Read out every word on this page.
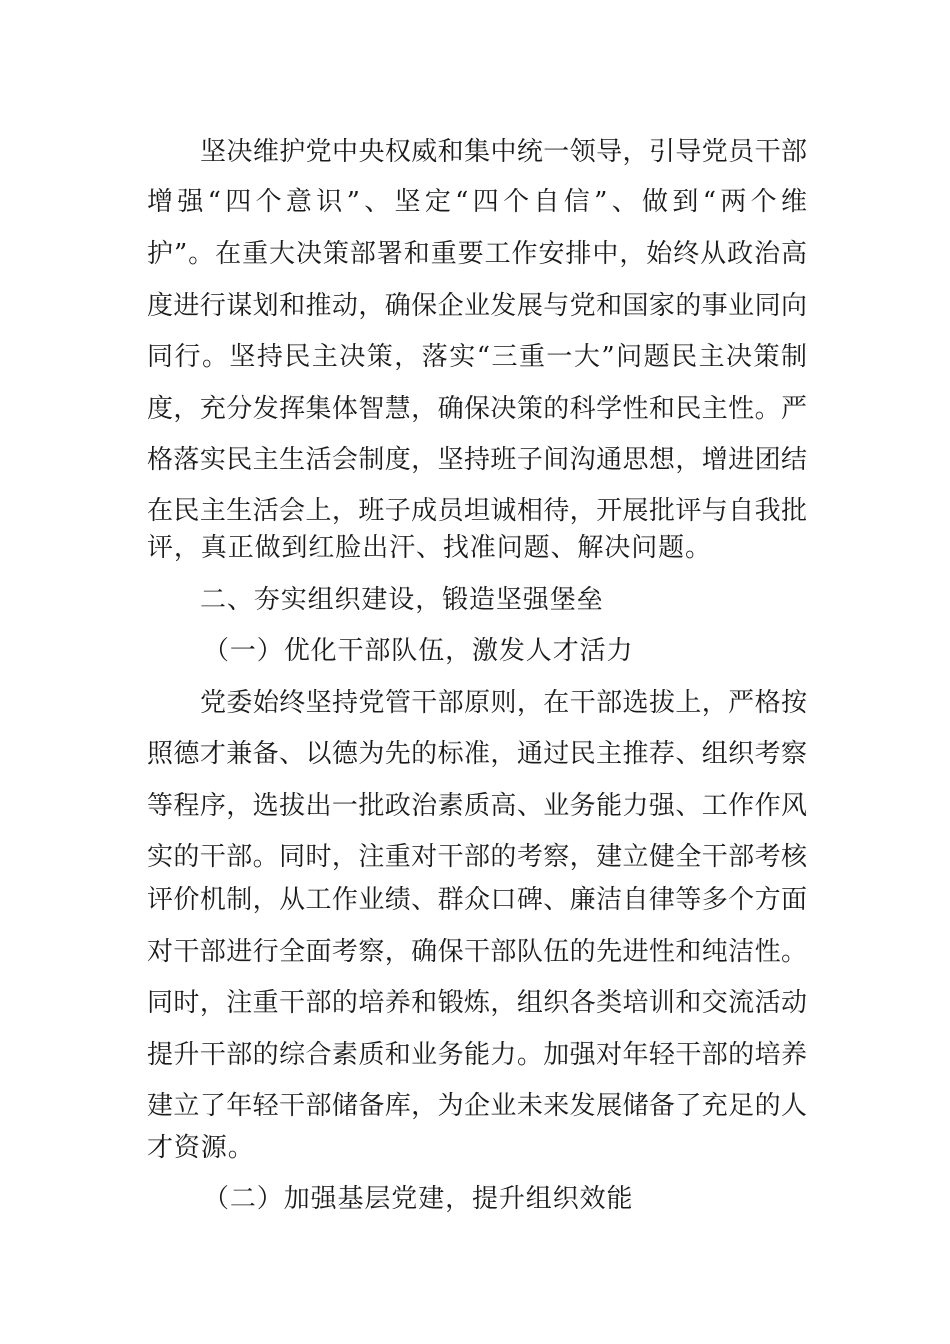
坚决维护党中央权威和集中统一领导，引导党员干部
增强“四个意识”、坚定“四个自信”、做到“两个维
护”。在重大决策部署和重要工作安排中，始终从政治高
度进行谋划和推动，确保企业发展与党和国家的事业同向
同行。坚持民主决策，落实“三重一大”问题民主决策制
度，充分发挥集体智慧，确保决策的科学性和民主性。严
格落实民主生活会制度，坚持班子间沟通思想，增进团结
在民主生活会上，班子成员坦诚相待，开展批评与自我批
评，真正做到红脸出汗、找准问题、解决问题。
二、夯实组织建设，锻造坚强堡垒
（一）优化干部队伍，激发人才活力
党委始终坚持党管干部原则，在干部选拔上，严格按
照德才兼备、以德为先的标准，通过民主推荐、组织考察
等程序，选拔出一批政治素质高、业务能力强、工作作风
实的干部。同时，注重对干部的考察，建立健全干部考核
评价机制，从工作业绩、群众口碑、廉洁自律等多个方面
对干部进行全面考察，确保干部队伍的先进性和纯洁性。
同时，注重干部的培养和锻炼，组织各类培训和交流活动
提升干部的综合素质和业务能力。加强对年轻干部的培养
建立了年轻干部储备库，为企业未来发展储备了充足的人
才资源。
（二）加强基层党建，提升组织效能
